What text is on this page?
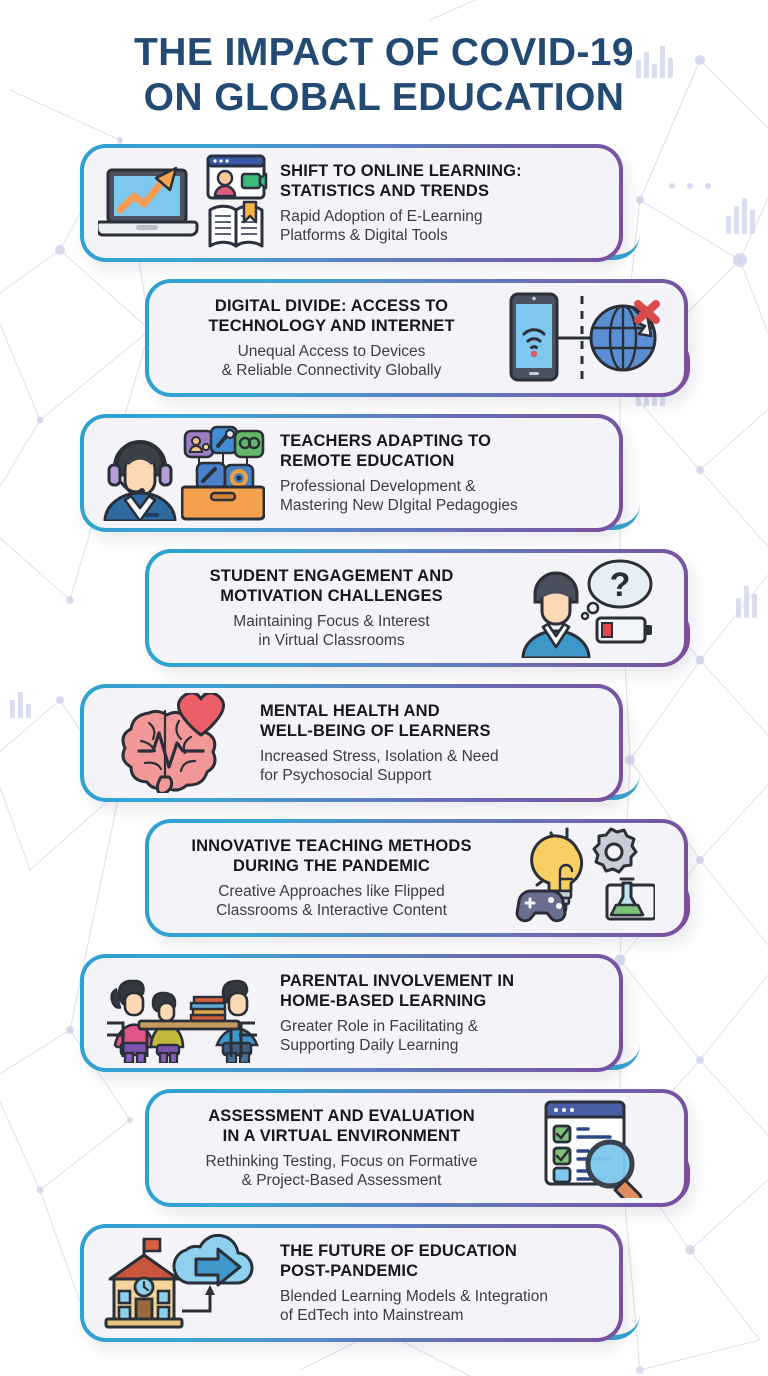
THE IMPACT OF COVID-19
ON GLOBAL EDUCATION
SHIFT TO ONLINE LEARNING:
STATISTICS AND TRENDS
Rapid Adoption of E-Learning
Platforms & Digital Tools
DIGITAL DIVIDE: ACCESS TO
TECHNOLOGY AND INTERNET
Unequal Access to Devices
& Reliable Connectivity Globally
TEACHERS ADAPTING TO
REMOTE EDUCATION
Professional Development &
Mastering New DIgital Pedagogies
STUDENT ENGAGEMENT AND
MOTIVATION CHALLENGES
Maintaining Focus & Interest
in Virtual Classrooms
?
MENTAL HEALTH AND
WELL-BEING OF LEARNERS
Increased Stress, Isolation & Need
for Psychosocial Support
INNOVATIVE TEACHING METHODS
DURING THE PANDEMIC
Creative Approaches like Flipped
Classrooms & Interactive Content
PARENTAL INVOLVEMENT IN
HOME-BASED LEARNING
Greater Role in Facilitating &
Supporting Daily Learning
ASSESSMENT AND EVALUATION
IN A VIRTUAL ENVIRONMENT
Rethinking Testing, Focus on Formative
& Project-Based Assessment
THE FUTURE OF EDUCATION
POST-PANDEMIC
Blended Learning Models & Integration
of EdTech into Mainstream
